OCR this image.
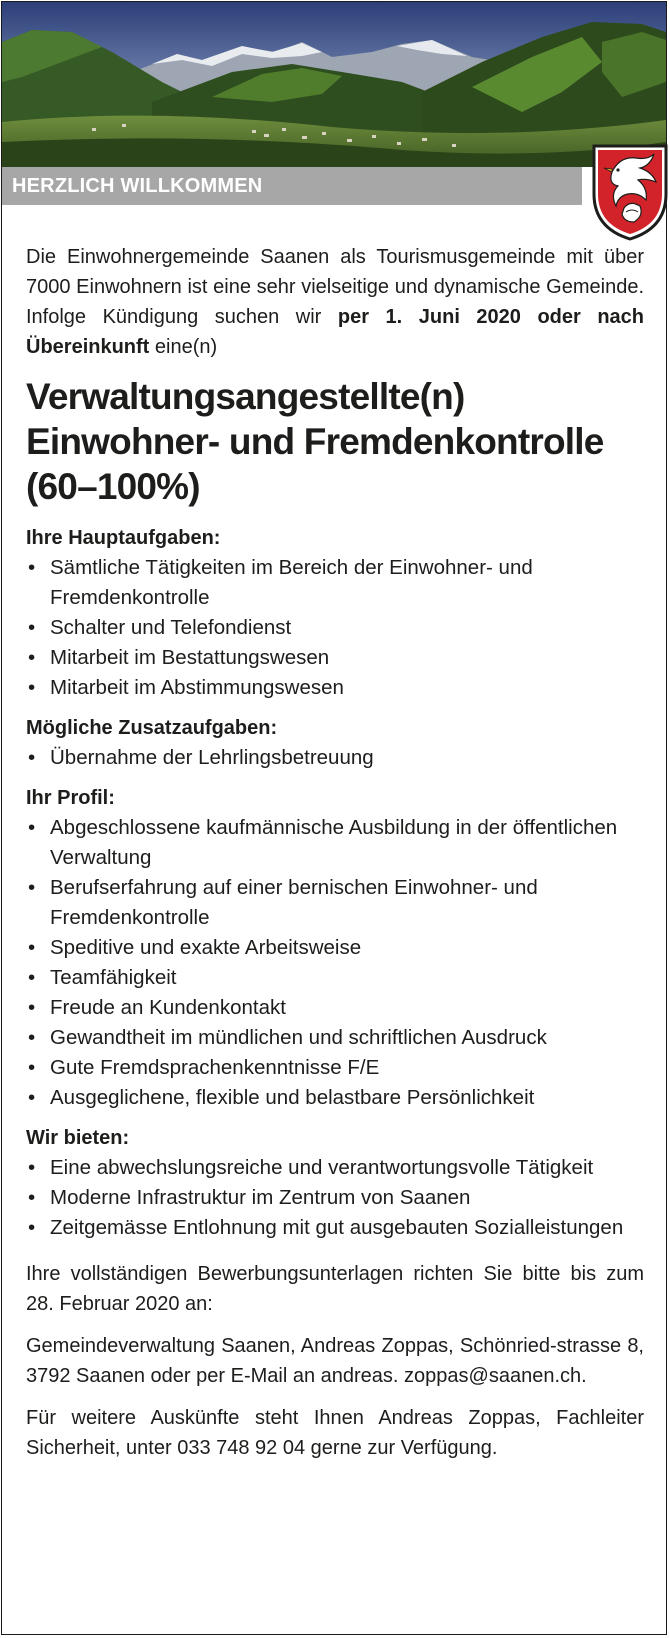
HERZLICH WILLKOMMEN

Die Einwohnergemeinde Saanen als Tourismusgemeinde mit über 7000 Einwohnern ist eine sehr vielseitige und dynamische Gemeinde. Infolge Kündigung suchen wir per 1. Juni 2020 oder nach Übereinkunft eine(n)

Verwaltungsangestellte(n)
Einwohner- und Fremdenkontrolle
(60–100%)
Ihre Hauptaufgaben:
• Sämtliche Tätigkeiten im Bereich der Einwohner- und Fremdenkontrolle
• Schalter und Telefondienst
• Mitarbeit im Bestattungswesen
• Mitarbeit im Abstimmungswesen
Mögliche Zusatzaufgaben:
• Übernahme der Lehrlingsbetreuung
Ihr Profil:
• Abgeschlossene kaufmännische Ausbildung in der öffentlichen Verwaltung
• Berufserfahrung auf einer bernischen Einwohner- und Fremdenkontrolle
• Speditive und exakte Arbeitsweise
• Teamfähigkeit
• Freude an Kundenkontakt
• Gewandtheit im mündlichen und schriftlichen Ausdruck
• Gute Fremdsprachenkenntnisse F/E
• Ausgeglichene, flexible und belastbare Persönlichkeit
Wir bieten:
• Eine abwechslungsreiche und verantwortungsvolle Tätigkeit
• Moderne Infrastruktur im Zentrum von Saanen
• Zeitgemässe Entlohnung mit gut ausgebauten Sozialleistungen

Ihre vollständigen Bewerbungsunterlagen richten Sie bitte bis zum 28. Februar 2020 an:

Gemeindeverwaltung Saanen, Andreas Zoppas, Schönried-strasse 8, 3792 Saanen oder per E-Mail an andreas. zoppas@saanen.ch.

Für weitere Auskünfte steht Ihnen Andreas Zoppas, Fachleiter Sicherheit, unter 033 748 92 04 gerne zur Verfügung.
